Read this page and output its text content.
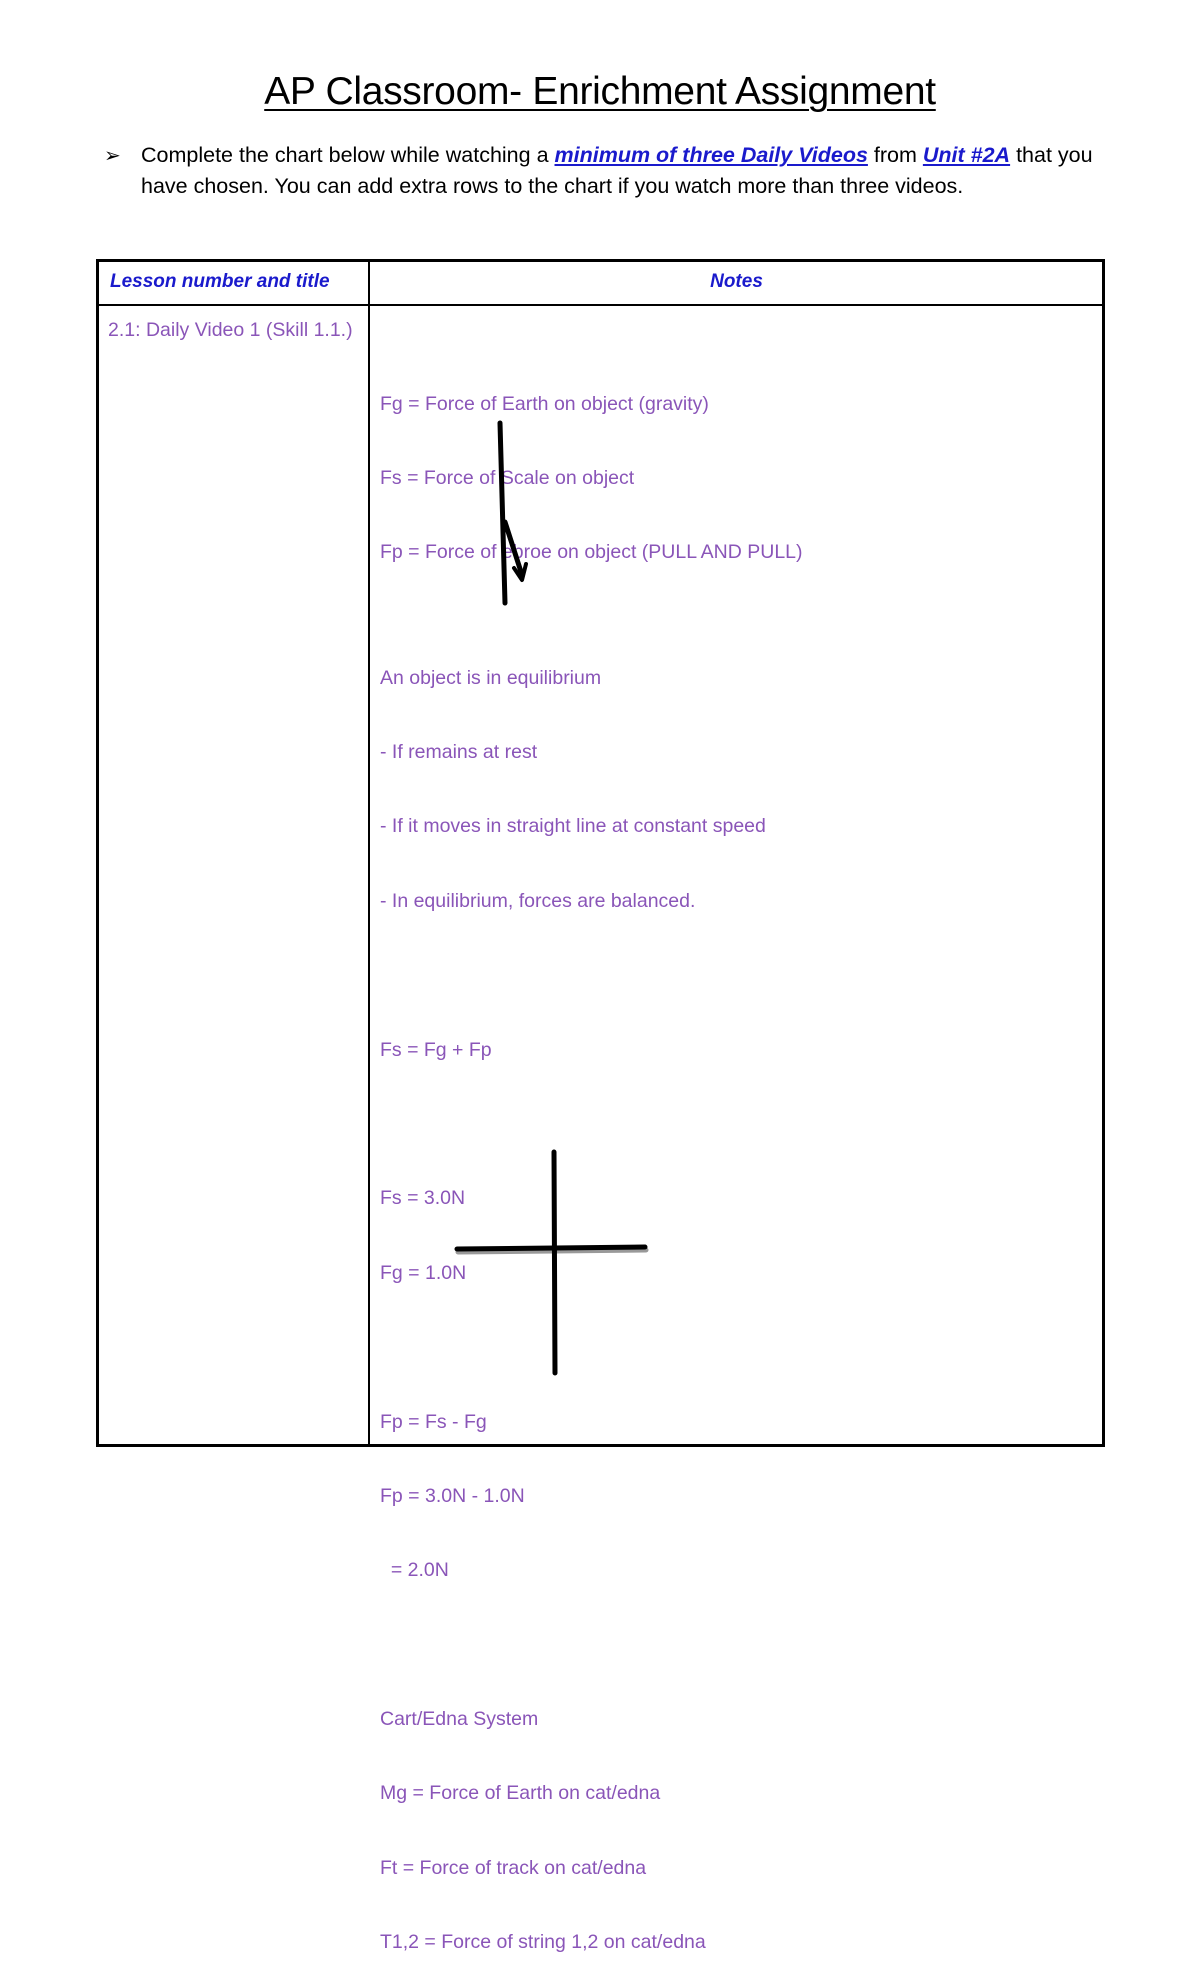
AP Classroom- Enrichment Assignment
➢ Complete the chart below while watching a minimum of three Daily Videos from Unit #2A that you have chosen. You can add extra rows to the chart if you watch more than three videos.
Lesson number and title	Notes
2.1: Daily Video 1 (Skill 1.1.)

Fg = Force of Earth on object (gravity)

Fs = Force of Scale on object

Fp = Force of ebroe on object (PULL AND PULL)

An object is in equilibrium

- If remains at rest

- If it moves in straight line at constant speed

- In equilibrium, forces are balanced.

Fs = Fg + Fp

Fs = 3.0N

Fg = 1.0N

Fp = Fs - Fg

Fp = 3.0N - 1.0N

= 2.0N

Cart/Edna System

Mg = Force of Earth on cat/edna

Ft = Force of track on cat/edna

T1,2 = Force of string 1,2 on cat/edna
